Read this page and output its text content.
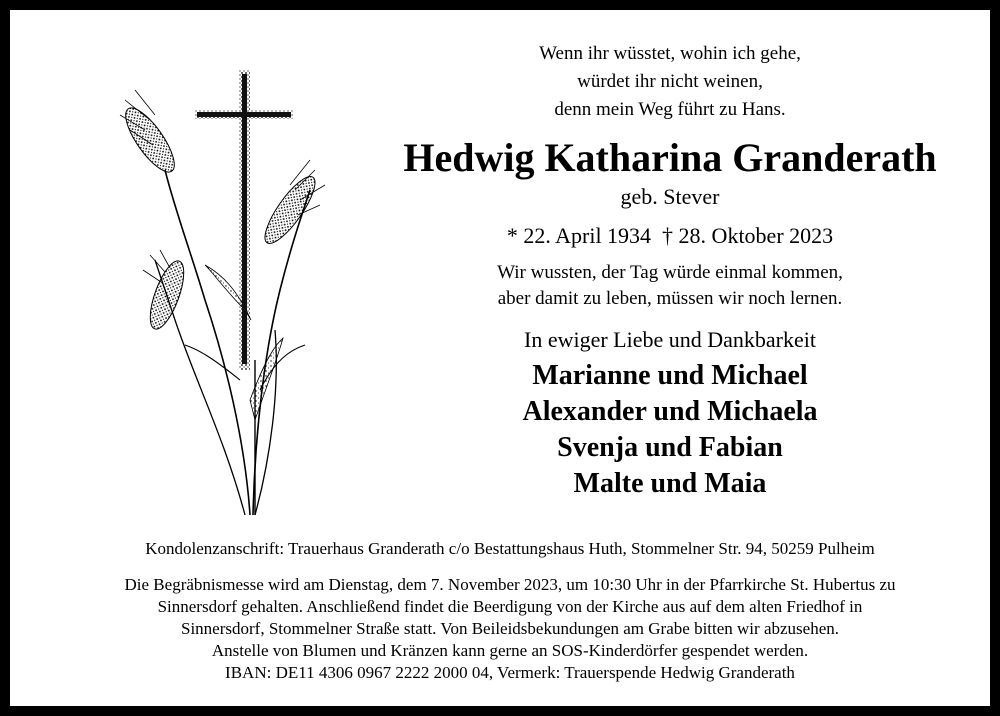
Wenn ihr wüsstet, wohin ich gehe,
würdet ihr nicht weinen,
denn mein Weg führt zu Hans.
Hedwig Katharina Granderath
geb. Stever
* 22. April 1934  † 28. Oktober 2023
Wir wussten, der Tag würde einmal kommen,
aber damit zu leben, müssen wir noch lernen.
In ewiger Liebe und Dankbarkeit
Marianne und Michael
Alexander und Michaela
Svenja und Fabian
Malte und Maia
Kondolenzanschrift: Trauerhaus Granderath c/o Bestattungshaus Huth, Stommelner Str. 94, 50259 Pulheim
Die Begräbnismesse wird am Dienstag, dem 7. November 2023, um 10:30 Uhr in der Pfarrkirche St. Hubertus zu
Sinnersdorf gehalten. Anschließend findet die Beerdigung von der Kirche aus auf dem alten Friedhof in
Sinnersdorf, Stommelner Straße statt. Von Beileidsbekundungen am Grabe bitten wir abzusehen.
Anstelle von Blumen und Kränzen kann gerne an SOS-Kinderdörfer gespendet werden.
IBAN: DE11 4306 0967 2222 2000 04, Vermerk: Trauerspende Hedwig Granderath
